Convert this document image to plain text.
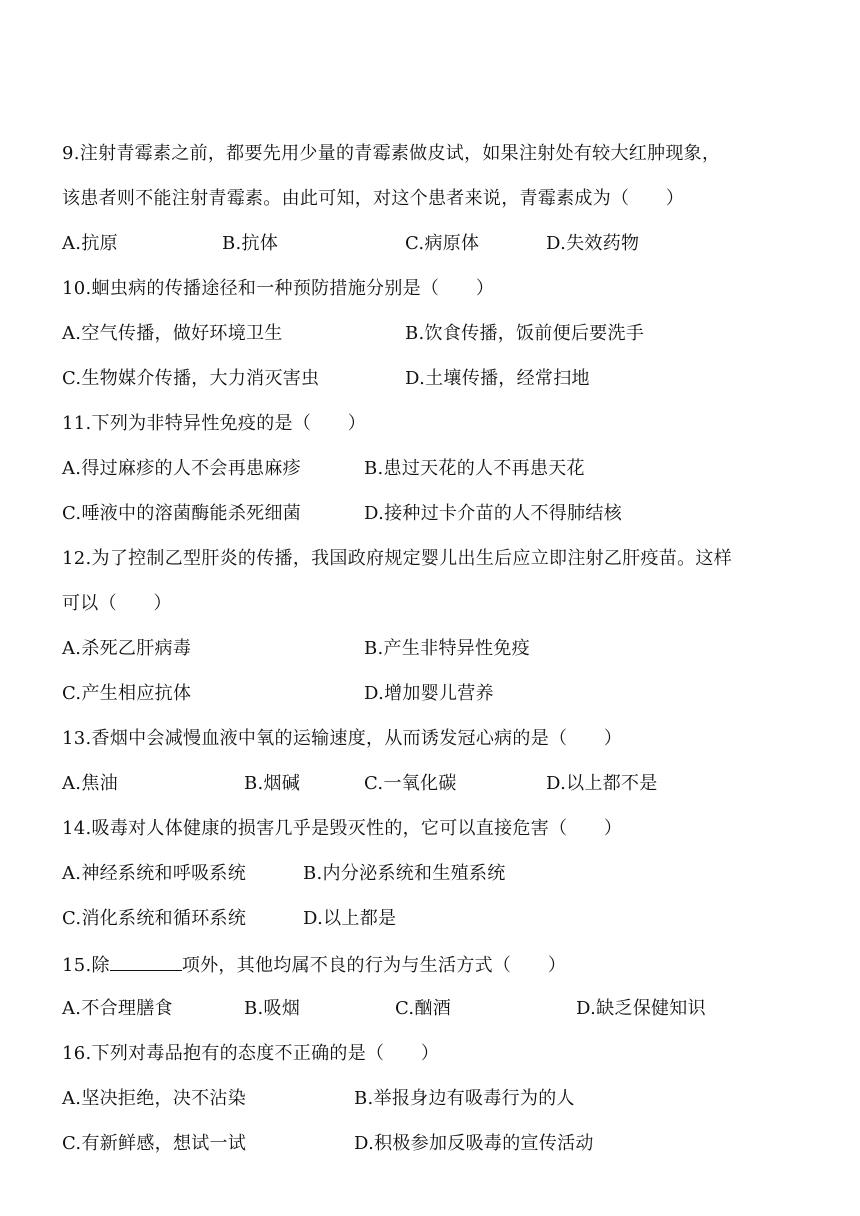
9.注射青霉素之前，都要先用少量的青霉素做皮试，如果注射处有较大红肿现象，
该患者则不能注射青霉素。由此可知，对这个患者来说，青霉素成为（　　）
A.抗原	B.抗体	C.病原体	D.失效药物
10.蛔虫病的传播途径和一种预防措施分别是（　　）
A.空气传播，做好环境卫生	B.饮食传播，饭前便后要洗手
C.生物媒介传播，大力消灭害虫	D.土壤传播，经常扫地
11.下列为非特异性免疫的是（　　）
A.得过麻疹的人不会再患麻疹	B.患过天花的人不再患天花
C.唾液中的溶菌酶能杀死细菌	D.接种过卡介苗的人不得肺结核
12.为了控制乙型肝炎的传播，我国政府规定婴儿出生后应立即注射乙肝疫苗。这样
可以（　　）
A.杀死乙肝病毒	B.产生非特异性免疫
C.产生相应抗体	D.增加婴儿营养
13.香烟中会减慢血液中氧的运输速度，从而诱发冠心病的是（　　）
A.焦油	B.烟碱	C.一氧化碳	D.以上都不是
14.吸毒对人体健康的损害几乎是毁灭性的，它可以直接危害（　　）
A.神经系统和呼吸系统	B.内分泌系统和生殖系统
C.消化系统和循环系统	D.以上都是
15.除	项外，其他均属不良的行为与生活方式（　　）
A.不合理膳食	B.吸烟	C.酗酒	D.缺乏保健知识
16.下列对毒品抱有的态度不正确的是（　　）
A.坚决拒绝，决不沾染	B.举报身边有吸毒行为的人
C.有新鲜感，想试一试	D.积极参加反吸毒的宣传活动
